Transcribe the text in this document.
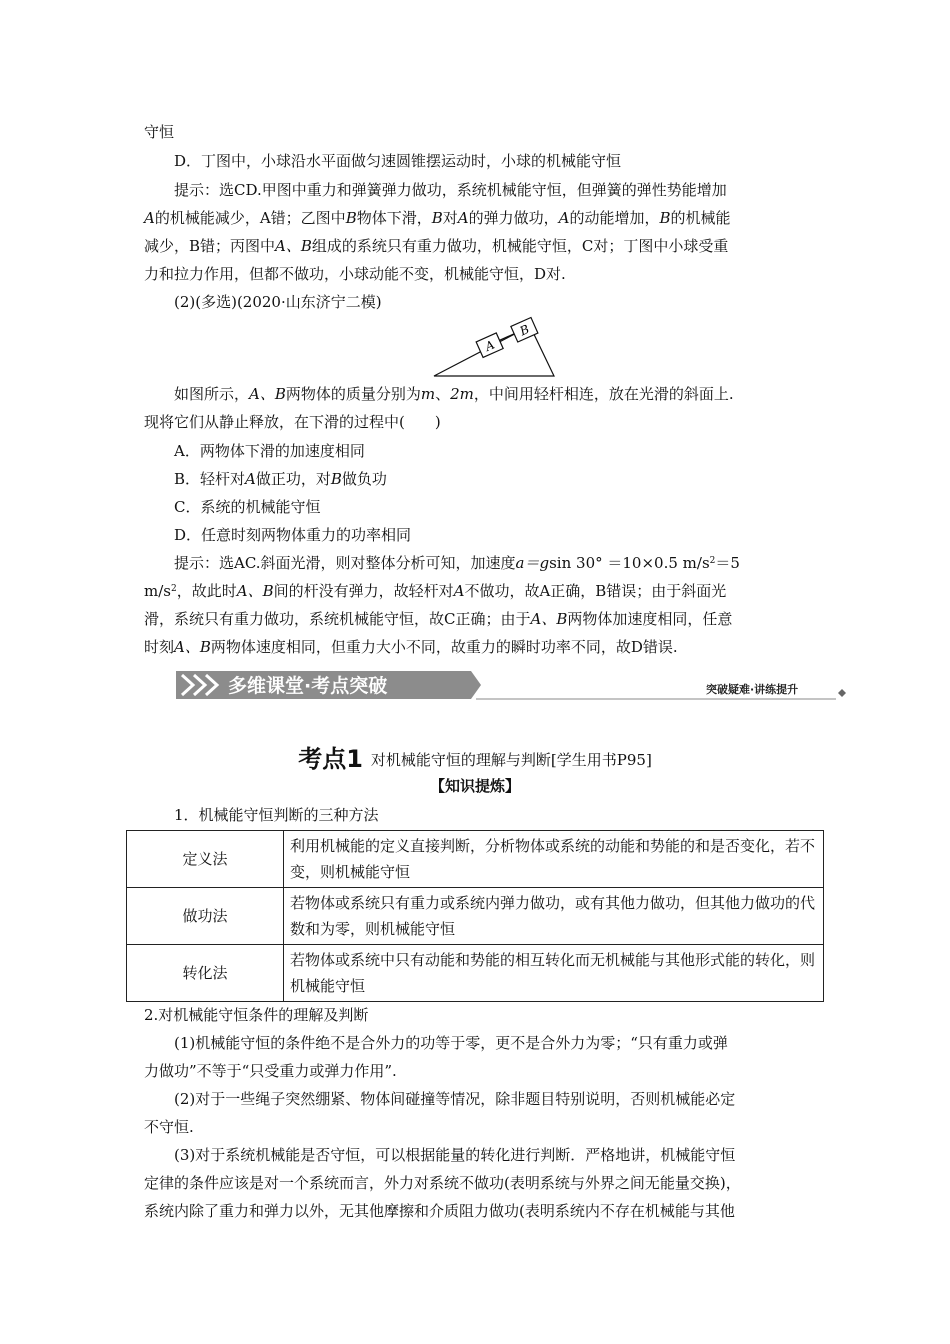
守恒
D．丁图中，小球沿水平面做匀速圆锥摆运动时，小球的机械能守恒
提示：选CD.甲图中重力和弹簧弹力做功，系统机械能守恒，但弹簧的弹性势能增加
A的机械能减少，A错；乙图中B物体下滑，B对A的弹力做功，A的动能增加，B的机械能
减少，B错；丙图中A、B组成的系统只有重力做功，机械能守恒，C对；丁图中小球受重
力和拉力作用，但都不做功，小球动能不变，机械能守恒，D对.
(2)(多选)(2020·山东济宁二模)
A
B
如图所示，A、B两物体的质量分别为m、2m，中间用轻杆相连，放在光滑的斜面上.
现将它们从静止释放，在下滑的过程中(　　)
A．两物体下滑的加速度相同
B．轻杆对A做正功，对B做负功
C．系统的机械能守恒
D．任意时刻两物体重力的功率相同
提示：选AC.斜面光滑，则对整体分析可知，加速度a＝gsin 30° ＝10×0.5 $m/s^2=5$
$m/s^2$，故此时A、B间的杆没有弹力，故轻杆对A不做功，故A正确，B错误；由于斜面光
滑，系统只有重力做功，系统机械能守恒，故C正确；由于A、B两物体加速度相同，任意
时刻A、B两物体速度相同，但重力大小不同，故重力的瞬时功率不同，故D错误.
多维课堂·考点突破	突破疑难·讲练提升
考点1 对机械能守恒的理解与判断[学生用书P95]
【知识提炼】
1．机械能守恒判断的三种方法
定义法	利用机械能的定义直接判断，分析物体或系统的动能和势能的和是否变化，若不变，则机械能守恒
做功法	若物体或系统只有重力或系统内弹力做功，或有其他力做功，但其他力做功的代数和为零，则机械能守恒
转化法	若物体或系统中只有动能和势能的相互转化而无机械能与其他形式能的转化，则机械能守恒
2.对机械能守恒条件的理解及判断
(1)机械能守恒的条件绝不是合外力的功等于零，更不是合外力为零；“只有重力或弹
力做功”不等于“只受重力或弹力作用”.
(2)对于一些绳子突然绷紧、物体间碰撞等情况，除非题目特别说明，否则机械能必定
不守恒.
(3)对于系统机械能是否守恒，可以根据能量的转化进行判断．严格地讲，机械能守恒
定律的条件应该是对一个系统而言，外力对系统不做功(表明系统与外界之间无能量交换)，
系统内除了重力和弹力以外，无其他摩擦和介质阻力做功(表明系统内不存在机械能与其他
